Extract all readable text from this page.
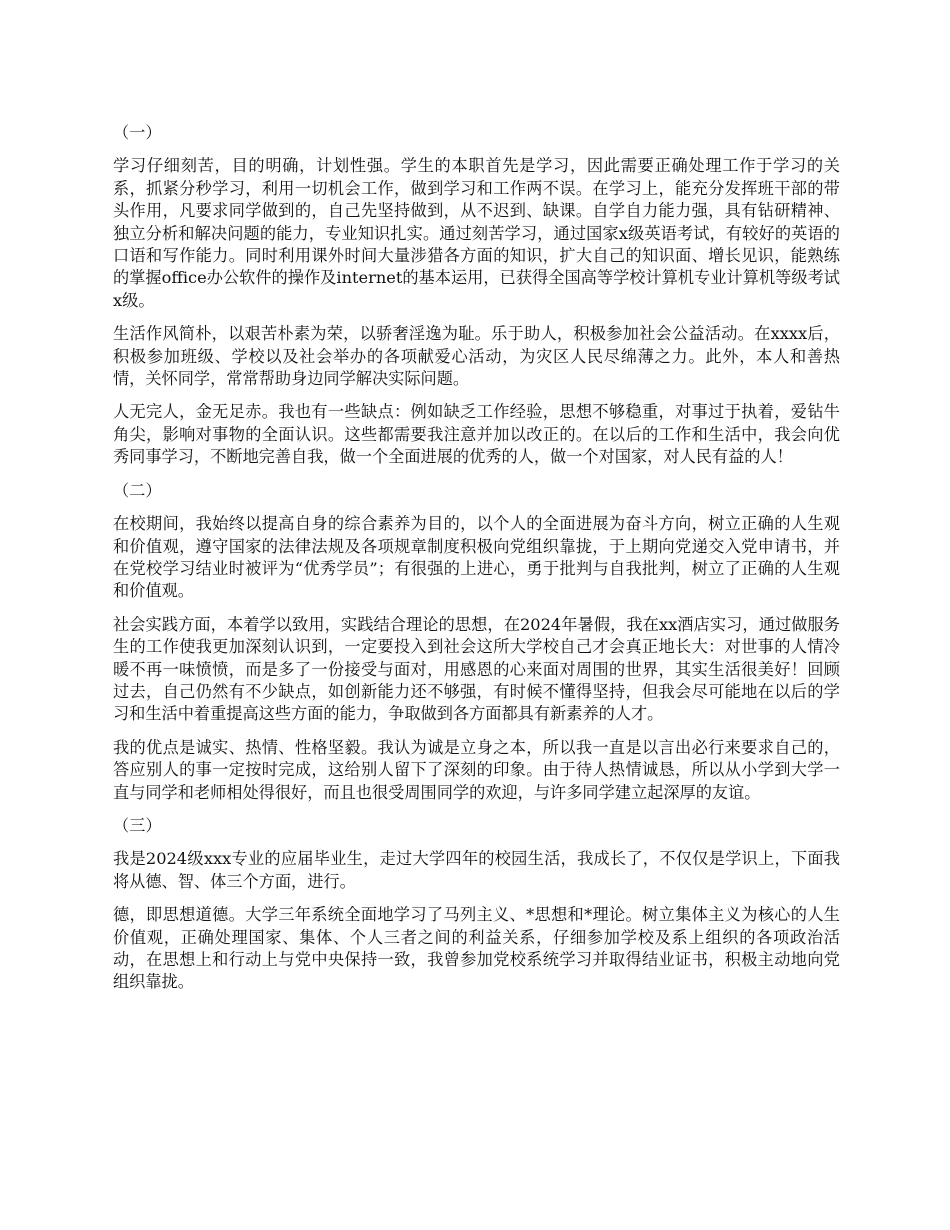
（一）

学习仔细刻苦，目的明确，计划性强。学生的本职首先是学习，因此需要正确处理工作于学习的关系，抓紧分秒学习，利用一切机会工作，做到学习和工作两不误。在学习上，能充分发挥班干部的带头作用，凡要求同学做到的，自己先坚持做到，从不迟到、缺课。自学自力能力强，具有钻研精神、独立分析和解决问题的能力，专业知识扎实。通过刻苦学习，通过国家x级英语考试，有较好的英语的口语和写作能力。同时利用课外时间大量涉猎各方面的知识，扩大自己的知识面、增长见识，能熟练的掌握office办公软件的操作及internet的基本运用，已获得全国高等学校计算机专业计算机等级考试x级。

生活作风简朴，以艰苦朴素为荣，以骄奢淫逸为耻。乐于助人，积极参加社会公益活动。在xxxx后，积极参加班级、学校以及社会举办的各项献爱心活动，为灾区人民尽绵薄之力。此外，本人和善热情，关怀同学，常常帮助身边同学解决实际问题。

人无完人，金无足赤。我也有一些缺点：例如缺乏工作经验，思想不够稳重，对事过于执着，爱钻牛角尖，影响对事物的全面认识。这些都需要我注意并加以改正的。在以后的工作和生活中，我会向优秀同事学习，不断地完善自我，做一个全面进展的优秀的人，做一个对国家，对人民有益的人！

（二）

在校期间，我始终以提高自身的综合素养为目的，以个人的全面进展为奋斗方向，树立正确的人生观和价值观，遵守国家的法律法规及各项规章制度积极向党组织靠拢，于上期向党递交入党申请书，并在党校学习结业时被评为“优秀学员”；有很强的上进心，勇于批判与自我批判，树立了正确的人生观和价值观。

社会实践方面，本着学以致用，实践结合理论的思想，在2024年暑假，我在xx酒店实习，通过做服务生的工作使我更加深刻认识到，一定要投入到社会这所大学校自己才会真正地长大：对世事的人情冷暖不再一味愤愤，而是多了一份接受与面对，用感恩的心来面对周围的世界，其实生活很美好！回顾过去，自己仍然有不少缺点，如创新能力还不够强，有时候不懂得坚持，但我会尽可能地在以后的学习和生活中着重提高这些方面的能力，争取做到各方面都具有新素养的人才。

我的优点是诚实、热情、性格坚毅。我认为诚是立身之本，所以我一直是以言出必行来要求自己的，答应别人的事一定按时完成，这给别人留下了深刻的印象。由于待人热情诚恳，所以从小学到大学一直与同学和老师相处得很好，而且也很受周围同学的欢迎，与许多同学建立起深厚的友谊。

（三）

我是2024级xxx专业的应届毕业生，走过大学四年的校园生活，我成长了，不仅仅是学识上，下面我将从德、智、体三个方面，进行。

德，即思想道德。大学三年系统全面地学习了马列主义、*思想和*理论。树立集体主义为核心的人生价值观，正确处理国家、集体、个人三者之间的利益关系，仔细参加学校及系上组织的各项政治活动，在思想上和行动上与党中央保持一致，我曾参加党校系统学习并取得结业证书，积极主动地向党组织靠拢。
